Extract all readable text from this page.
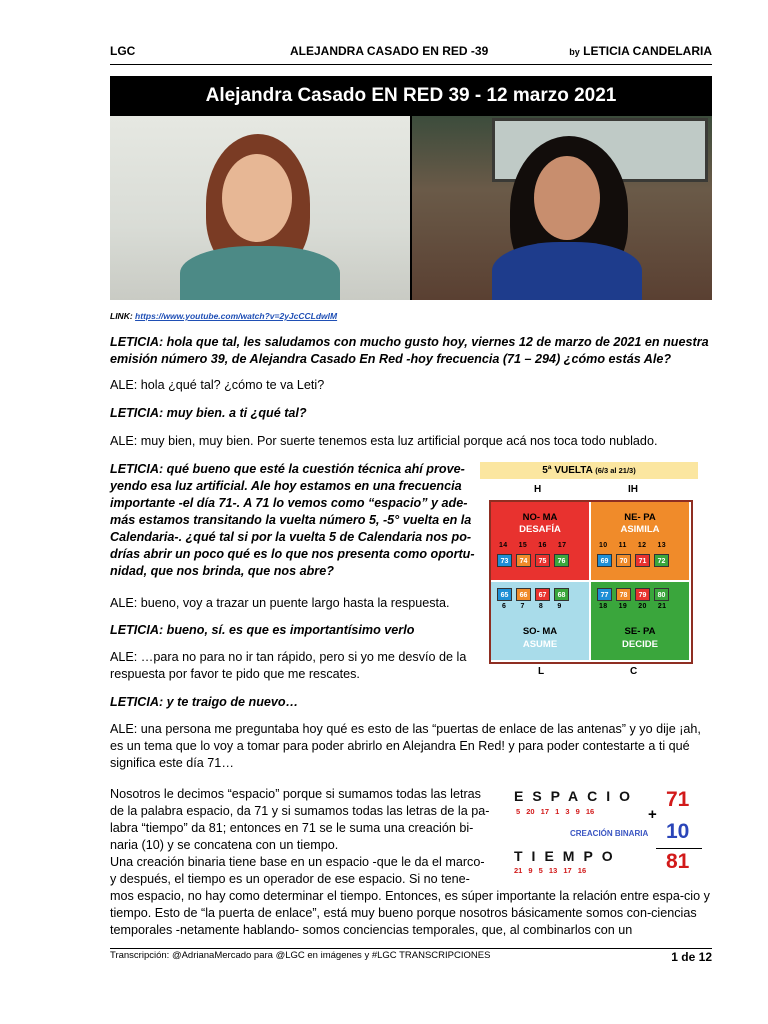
LGC	ALEJANDRA CASADO EN RED -39	by LETICIA CANDELARIA
Alejandra Casado EN RED 39 - 12 marzo 2021
LINK: https://www.youtube.com/watch?v=2yJcCCLdwlM
LETICIA: hola que tal, les saludamos con mucho gusto hoy, viernes 12 de marzo de 2021 en nuestra emisión número 39, de Alejandra Casado En Red -hoy frecuencia (71 – 294) ¿cómo estás Ale?
ALE: hola ¿qué tal? ¿cómo te va Leti?
LETICIA: muy bien. a ti ¿qué tal?
ALE: muy bien, muy bien. Por suerte tenemos esta luz artificial porque acá nos toca todo nublado.
LETICIA: qué bueno que esté la cuestión técnica ahí prove-yendo esa luz artificial. Ale hoy estamos en una frecuencia importante -el día 71-. A 71 lo vemos como “espacio” y ade-más estamos transitando la vuelta número 5, -5° vuelta en la Calendaria-. ¿qué tal si por la vuelta 5 de Calendaria nos po-drías abrir un poco qué es lo que nos presenta como oportu-nidad, que nos brinda, que nos abre?
ALE: bueno, voy a trazar un puente largo hasta la respuesta.
LETICIA: bueno, sí. es que es importantísimo verlo
ALE: …para no para no ir tan rápido, pero si yo me desvío de la respuesta por favor te pido que me rescates.
LETICIA: y te traigo de nuevo…
ALE: una persona me preguntaba hoy qué es esto de las “puertas de enlace de las antenas” y yo dije ¡ah, es un tema que lo voy a tomar para poder abrirlo en Alejandra En Red! y para poder contestarte a ti qué significa este día 71…
Nosotros le decimos “espacio” porque si sumamos todas las letras de la palabra espacio, da 71 y si sumamos todas las letras de la pa-labra “tiempo” da 81; entonces en 71 se le suma una creación bi-naria (10) y se concatena con un tiempo.
Una creación binaria tiene base en un espacio -que le da el marco- y después, el tiempo es un operador de ese espacio. Si no tene-
mos espacio, no hay como determinar el tiempo. Entonces, es súper importante la relación entre espa-cio y tiempo. Esto de “la puerta de enlace”, está muy bueno porque nosotros básicamente somos con-ciencias temporales -netamente hablando- somos conciencias temporales, que, al combinarlos con un
5ª VUELTA (6/3 al 21/3)
H	IH
NO- MA
DESAFÍA
14 15 16 17
73	74	75	76
NE- PA
ASIMILA
10 11 12 13
69	70	71	72
65	66	67	68
6 7 8 9
SO- MA
ASUME
77	78	79	80
18 19 20 21
SE- PA
DECIDE
L	C
ESPACIO
5 20 17 1 3 9 16	+
71
CREACIÓN BINARIA 10
TIEMPO
21 9 5 13 17 16	81
Transcripción: @AdrianaMercado para @LGC en imágenes y #LGC TRANSCRIPCIONES	1 de 12
